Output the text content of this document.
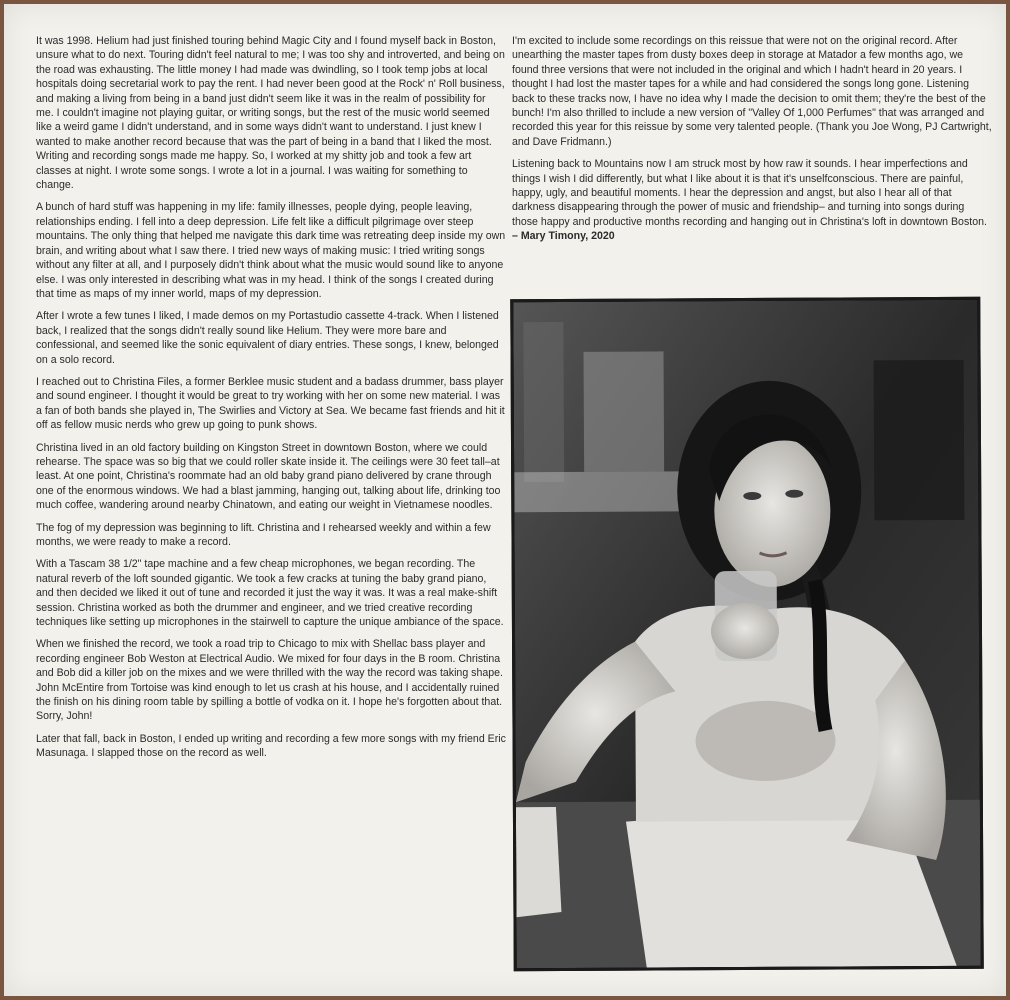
It was 1998. Helium had just finished touring behind Magic City and I found myself back in Boston, unsure what to do next. Touring didn't feel natural to me; I was too shy and introverted, and being on the road was exhausting. The little money I had made was dwindling, so I took temp jobs at local hospitals doing secretarial work to pay the rent. I had never been good at the Rock' n' Roll business, and making a living from being in a band just didn't seem like it was in the realm of possibility for me. I couldn't imagine not playing guitar, or writing songs, but the rest of the music world seemed like a weird game I didn't understand, and in some ways didn't want to understand. I just knew I wanted to make another record because that was the part of being in a band that I liked the most. Writing and recording songs made me happy. So, I worked at my shitty job and took a few art classes at night. I wrote some songs. I wrote a lot in a journal. I was waiting for something to change.

A bunch of hard stuff was happening in my life: family illnesses, people dying, people leaving, relationships ending. I fell into a deep depression. Life felt like a difficult pilgrimage over steep mountains. The only thing that helped me navigate this dark time was retreating deep inside my own brain, and writing about what I saw there. I tried new ways of making music: I tried writing songs without any filter at all, and I purposely didn't think about what the music would sound like to anyone else. I was only interested in describing what was in my head. I think of the songs I created during that time as maps of my inner world, maps of my depression.

After I wrote a few tunes I liked, I made demos on my Portastudio cassette 4-track. When I listened back, I realized that the songs didn't really sound like Helium. They were more bare and confessional, and seemed like the sonic equivalent of diary entries. These songs, I knew, belonged on a solo record.

I reached out to Christina Files, a former Berklee music student and a badass drummer, bass player and sound engineer. I thought it would be great to try working with her on some new material. I was a fan of both bands she played in, The Swirlies and Victory at Sea. We became fast friends and hit it off as fellow music nerds who grew up going to punk shows.

Christina lived in an old factory building on Kingston Street in downtown Boston, where we could rehearse. The space was so big that we could roller skate inside it. The ceilings were 30 feet tall–at least. At one point, Christina's roommate had an old baby grand piano delivered by crane through one of the enormous windows. We had a blast jamming, hanging out, talking about life, drinking too much coffee, wandering around nearby Chinatown, and eating our weight in Vietnamese noodles.

The fog of my depression was beginning to lift. Christina and I rehearsed weekly and within a few months, we were ready to make a record.

With a Tascam 38 1/2" tape machine and a few cheap microphones, we began recording. The natural reverb of the loft sounded gigantic. We took a few cracks at tuning the baby grand piano, and then decided we liked it out of tune and recorded it just the way it was. It was a real make-shift session. Christina worked as both the drummer and engineer, and we tried creative recording techniques like setting up microphones in the stairwell to capture the unique ambiance of the space.

When we finished the record, we took a road trip to Chicago to mix with Shellac bass player and recording engineer Bob Weston at Electrical Audio. We mixed for four days in the B room. Christina and Bob did a killer job on the mixes and we were thrilled with the way the record was taking shape. John McEntire from Tortoise was kind enough to let us crash at his house, and I accidentally ruined the finish on his dining room table by spilling a bottle of vodka on it. I hope he's forgotten about that. Sorry, John!

Later that fall, back in Boston, I ended up writing and recording a few more songs with my friend Eric Masunaga. I slapped those on the record as well.

I'm excited to include some recordings on this reissue that were not on the original record. After unearthing the master tapes from dusty boxes deep in storage at Matador a few months ago, we found three versions that were not included in the original and which I hadn't heard in 20 years. I thought I had lost the master tapes for a while and had considered the songs long gone. Listening back to these tracks now, I have no idea why I made the decision to omit them; they're the best of the bunch! I'm also thrilled to include a new version of "Valley Of 1,000 Perfumes" that was arranged and recorded this year for this reissue by some very talented people. (Thank you Joe Wong, PJ Cartwright, and Dave Fridmann.)

Listening back to Mountains now I am struck most by how raw it sounds. I hear imperfections and things I wish I did differently, but what I like about it is that it's unselfconscious. There are painful, happy, ugly, and beautiful moments. I hear the depression and angst, but also I hear all of that darkness disappearing through the power of music and friendship– and turning into songs during those happy and productive months recording and hanging out in Christina's loft in downtown Boston. – Mary Timony, 2020
